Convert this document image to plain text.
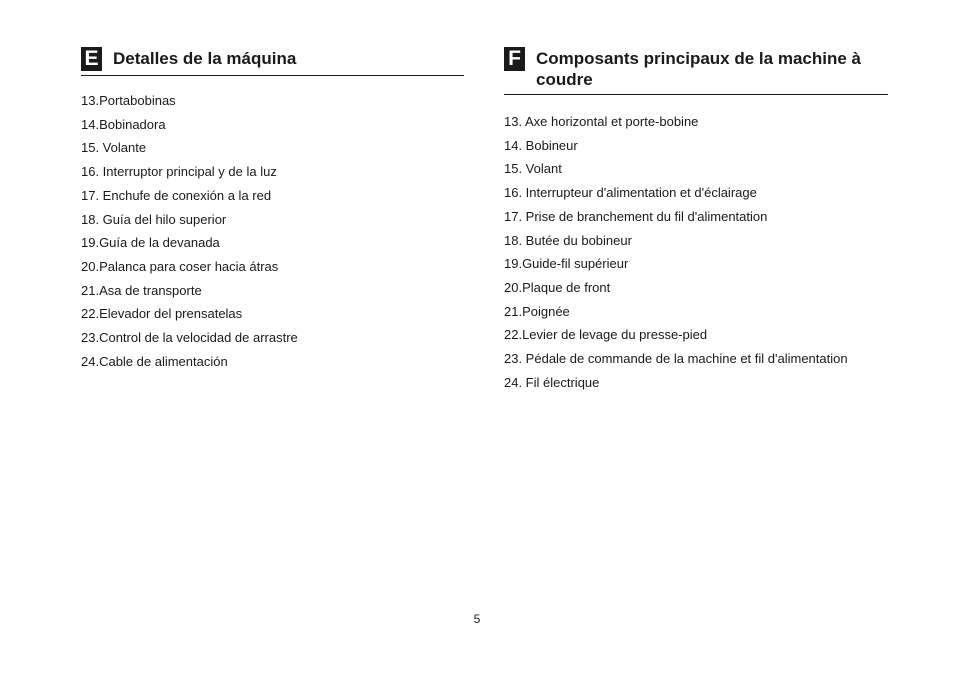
E Detalles de la máquina
13.Portabobinas
14.Bobinadora
15. Volante
16. Interruptor principal y de la luz
17. Enchufe de conexión a la red
18. Guía del hilo superior
19.Guía de la devanada
20.Palanca para coser hacia átras
21.Asa de transporte
22.Elevador del prensatelas
23.Control de la velocidad de arrastre
24.Cable de alimentación
F Composants principaux de la machine à coudre
13. Axe horizontal et porte-bobine
14. Bobineur
15. Volant
16. Interrupteur d'alimentation et d'éclairage
17. Prise de branchement du fil d'alimentation
18. Butée du bobineur
19.Guide-fil supérieur
20.Plaque de front
21.Poignée
22.Levier de levage du presse-pied
23. Pédale de commande de la machine et fil d'alimentation
24. Fil électrique
5
